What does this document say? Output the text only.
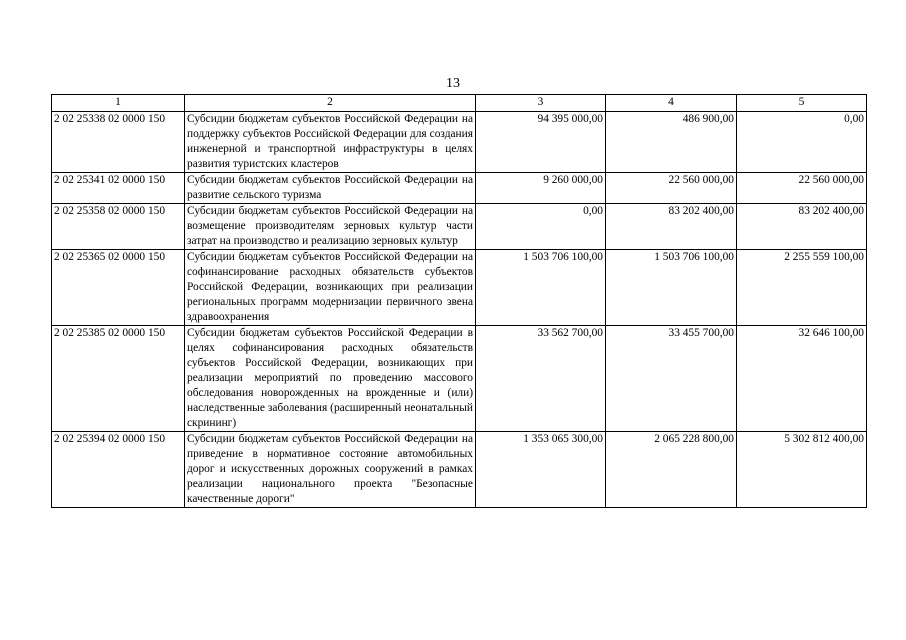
13
1	2	3	4	5
2 02 25338 02 0000 150	Субсидии бюджетам субъектов Российской Федерации на поддержку субъектов Российской Федерации для создания инженерной и транспортной инфраструктуры в целях развития туристских кластеров	94 395 000,00	486 900,00	0,00
2 02 25341 02 0000 150	Субсидии бюджетам субъектов Российской Федерации на развитие сельского туризма	9 260 000,00	22 560 000,00	22 560 000,00
2 02 25358 02 0000 150	Субсидии бюджетам субъектов Российской Федерации на возмещение производителям зерновых культур части затрат на производство и реализацию зерновых культур	0,00	83 202 400,00	83 202 400,00
2 02 25365 02 0000 150	Субсидии бюджетам субъектов Российской Федерации на софинансирование расходных обязательств субъектов Российской Федерации, возникающих при реализации региональных программ модернизации первичного звена здравоохранения	1 503 706 100,00	1 503 706 100,00	2 255 559 100,00
2 02 25385 02 0000 150	Субсидии бюджетам субъектов Российской Федерации в целях софинансирования расходных обязательств субъектов Российской Федерации, возникающих при реализации мероприятий по проведению массового обследования новорожденных на врожденные и (или) наследственные заболевания (расширенный неонатальный скрининг)	33 562 700,00	33 455 700,00	32 646 100,00
2 02 25394 02 0000 150	Субсидии бюджетам субъектов Российской Федерации на приведение в нормативное состояние автомобильных дорог и искусственных дорожных сооружений в рамках реализации национального проекта "Безопасные качественные дороги"	1 353 065 300,00	2 065 228 800,00	5 302 812 400,00
